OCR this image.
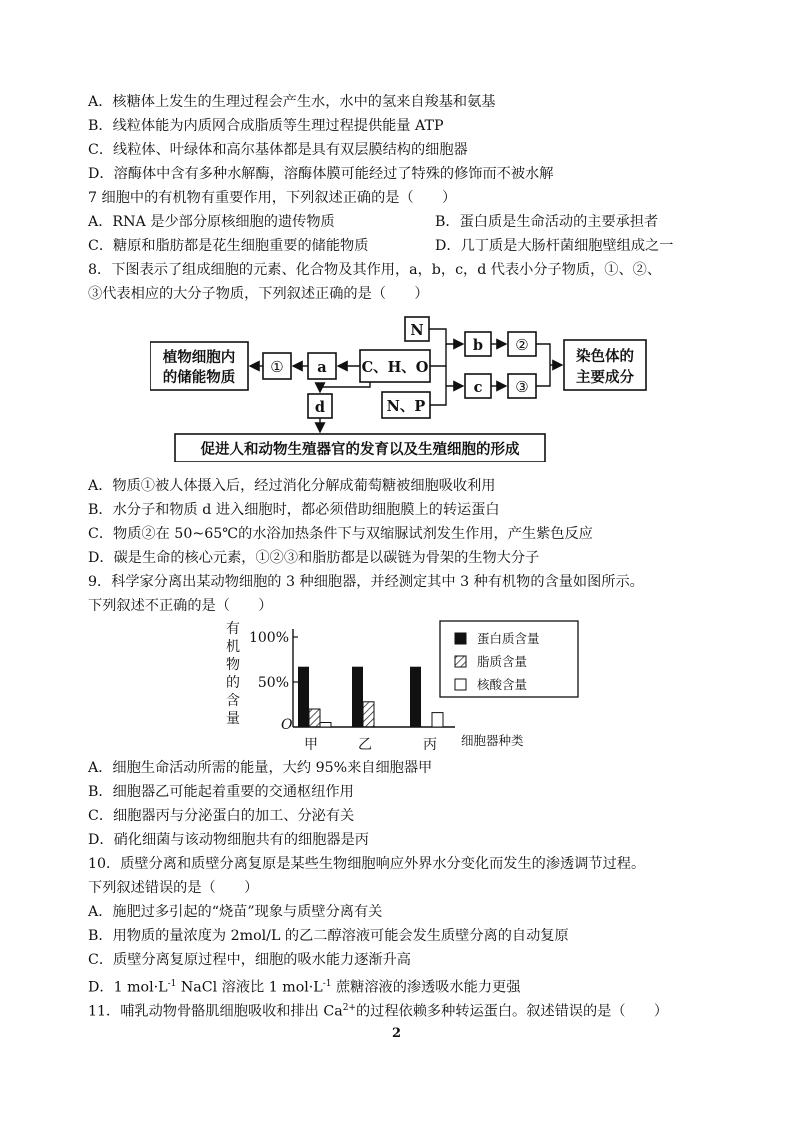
A．核糖体上发生的生理过程会产生水，水中的氢来自羧基和氨基
B．线粒体能为内质网合成脂质等生理过程提供能量 ATP
C．线粒体、叶绿体和高尔基体都是具有双层膜结构的细胞器
D．溶酶体中含有多种水解酶，溶酶体膜可能经过了特殊的修饰而不被水解
7 细胞中的有机物有重要作用，下列叙述正确的是（　　）
A．RNA 是少部分原核细胞的遗传物质	B．蛋白质是生命活动的主要承担者
C．糖原和脂肪都是花生细胞重要的储能物质	D．几丁质是大肠杆菌细胞壁组成之一
8．下图表示了组成细胞的元素、化合物及其作用，a，b，c，d 代表小分子物质，①、②、
③代表相应的大分子物质，下列叙述正确的是（　　）
植物细胞内
的储能物质
① a C、H、O
N
N、P
b
c
②
③
染色体的
主要成分
d
促进人和动物生殖器官的发育以及生殖细胞的形成
A．物质①被人体摄入后，经过消化分解成葡萄糖被细胞吸收利用
B．水分子和物质 d 进入细胞时，都必须借助细胞膜上的转运蛋白
C．物质②在 50~65℃的水浴加热条件下与双缩脲试剂发生作用，产生紫色反应
D．碳是生命的核心元素，①②③和脂肪都是以碳链为骨架的生物大分子
9．科学家分离出某动物细胞的 3 种细胞器，并经测定其中 3 种有机物的含量如图所示。
下列叙述不正确的是（　　）
有
机
物
的
含
量
100%
50%
O
细胞器种类
甲	乙	丙
蛋白质含量
脂质含量
核酸含量
A．细胞生命活动所需的能量，大约 95%来自细胞器甲
B．细胞器乙可能起着重要的交通枢纽作用
C．细胞器丙与分泌蛋白的加工、分泌有关
D．硝化细菌与该动物细胞共有的细胞器是丙
10．质壁分离和质壁分离复原是某些生物细胞响应外界水分变化而发生的渗透调节过程。
下列叙述错误的是（　　）
A．施肥过多引起的“烧苗”现象与质壁分离有关
B．用物质的量浓度为 2mol/L 的乙二醇溶液可能会发生质壁分离的自动复原
C．质壁分离复原过程中，细胞的吸水能力逐渐升高
D．1 $mol\cdot L^{-1}$ NaCl 溶液比 1 $mol\cdot L^{-1}$ 蔗糖溶液的渗透吸水能力更强
11．哺乳动物骨骼肌细胞吸收和排出 $Ca^{2+}$的过程依赖多种转运蛋白。叙述错误的是（　　）
2
